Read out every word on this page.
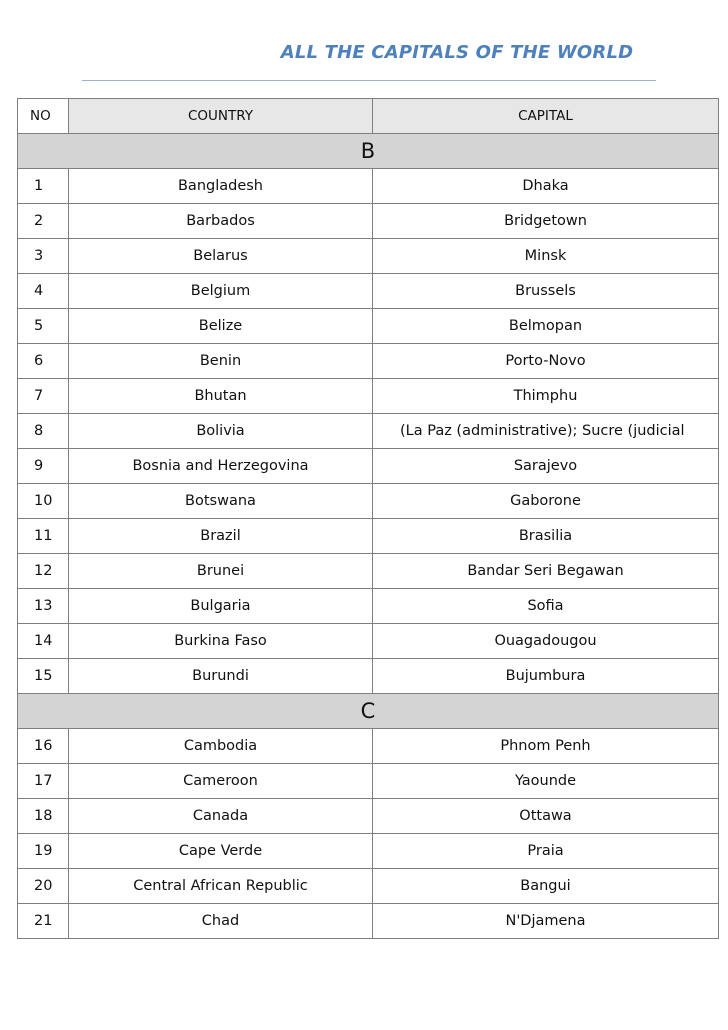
ALL THE CAPITALS OF THE WORLD
NO	COUNTRY	CAPITAL
B		
1	Bangladesh	Dhaka
2	Barbados	Bridgetown
3	Belarus	Minsk
4	Belgium	Brussels
5	Belize	Belmopan
6	Benin	Porto-Novo
7	Bhutan	Thimphu
8	Bolivia	(La Paz (administrative); Sucre (judicial
9	Bosnia and Herzegovina	Sarajevo
10	Botswana	Gaborone
11	Brazil	Brasilia
12	Brunei	Bandar Seri Begawan
13	Bulgaria	Sofia
14	Burkina Faso	Ouagadougou
15	Burundi	Bujumbura
C		
16	Cambodia	Phnom Penh
17	Cameroon	Yaounde
18	Canada	Ottawa
19	Cape Verde	Praia
20	Central African Republic	Bangui
21	Chad	N'Djamena
